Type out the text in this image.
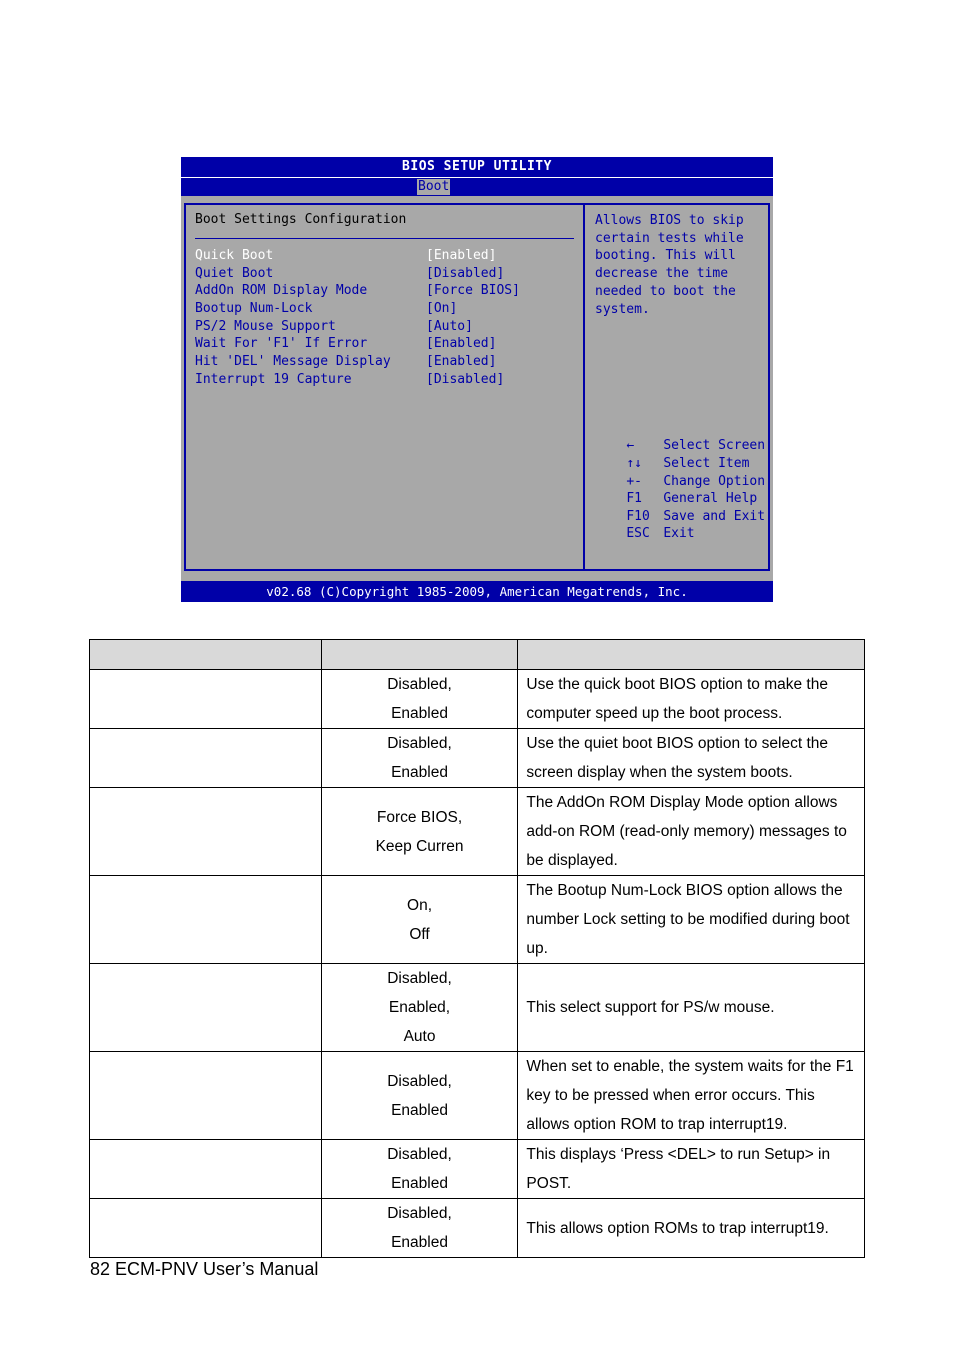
BIOS SETUP UTILITY
Boot
Boot Settings Configuration
Quick Boot	[Enabled]
Quiet Boot	[Disabled]
AddOn ROM Display Mode	[Force BIOS]
Bootup Num-Lock	[On]
PS/2 Mouse Support	[Auto]
Wait For 'F1' If Error	[Enabled]
Hit 'DEL' Message Display	[Enabled]
Interrupt 19 Capture	[Disabled]
Allows BIOS to skip
certain tests while
booting. This will
decrease the time
needed to boot the
system.

← Select Screen

↑↓ Select Item

+- Change Option

F1 General Help

F10 Save and Exit

ESC Exit

v02.68 (C)Copyright 1985-2009, American Megatrends, Inc.

	Disabled,
Enabled	Use the quick boot BIOS option to make the computer speed up the boot process.

	Disabled,
Enabled	Use the quiet boot BIOS option to select the screen display when the system boots.

	Force BIOS,
Keep Curren	The AddOn ROM Display Mode option allows add-on ROM (read-only memory) messages to be displayed.

	On,
Off	The Bootup Num-Lock BIOS option allows the number Lock setting to be modified during boot up.

	Disabled,
Enabled,
Auto	This select support for PS/w mouse.

	Disabled,
Enabled	When set to enable, the system waits for the F1 key to be pressed when error occurs. This allows option ROM to trap interrupt19.

	Disabled,
Enabled	This displays ‘Press <DEL> to run Setup> in POST.

	Disabled,
Enabled	This allows option ROMs to trap interrupt19.
82 ECM-PNV User’s Manual
